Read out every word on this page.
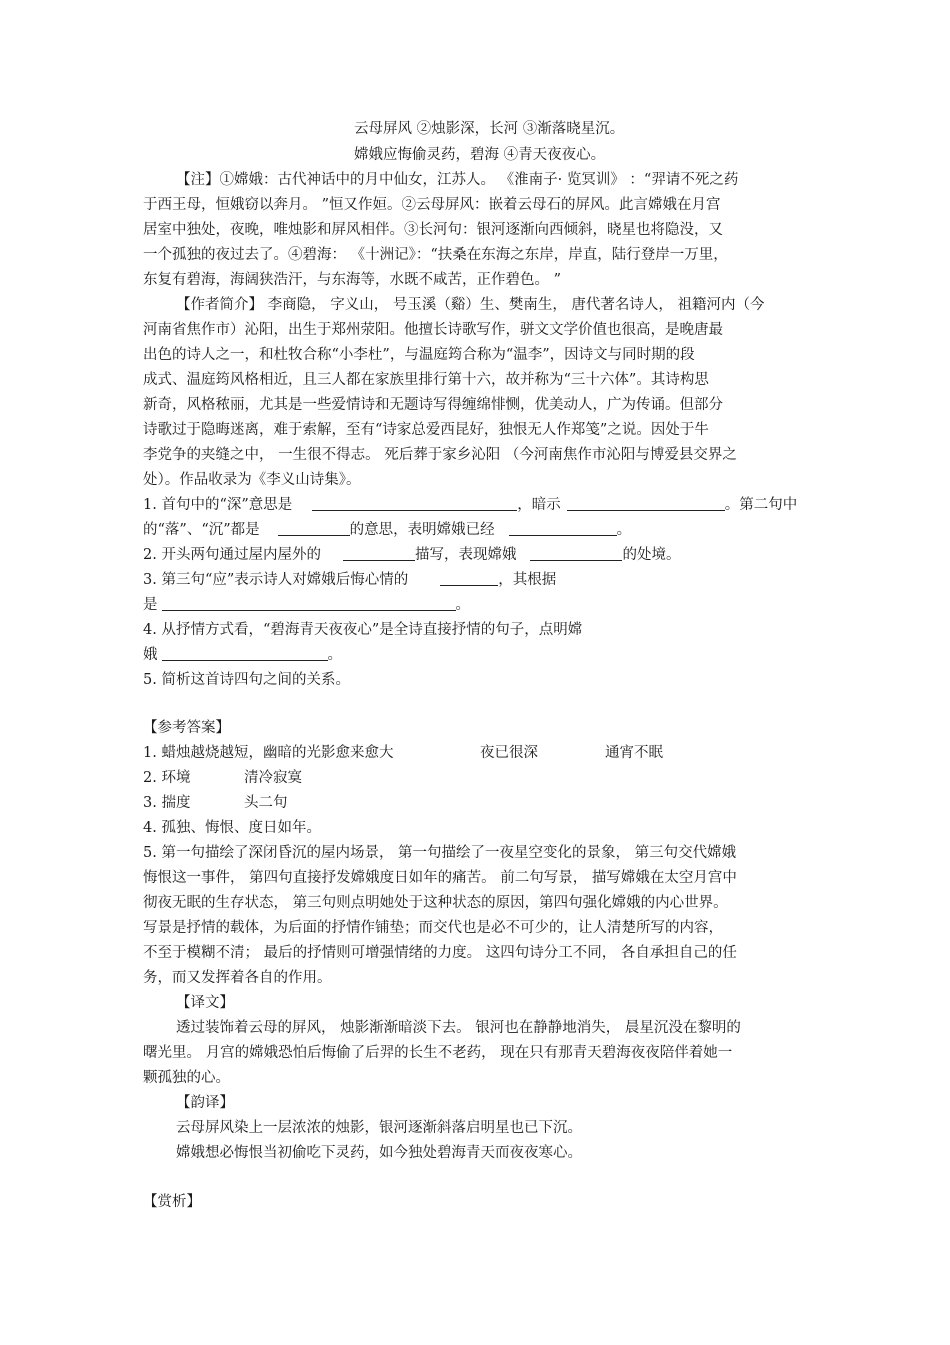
云母屏风 ②烛影深，长河 ③渐落晓星沉。
嫦娥应悔偷灵药，碧海 ④青天夜夜心。
【注】①嫦娥：古代神话中的月中仙女，江苏人。 《淮南子· 览冥训》 ：“羿请不死之药
于西王母，恒娥窃以奔月。 ”恒又作姮。②云母屏风：嵌着云母石的屏风。此言嫦娥在月宫
居室中独处，夜晚，唯烛影和屏风相伴。③长河句：银河逐渐向西倾斜，晓星也将隐没，又
一个孤独的夜过去了。④碧海： 《十洲记》：“扶桑在东海之东岸，岸直，陆行登岸一万里，
东复有碧海，海阔狭浩汗，与东海等，水既不咸苦，正作碧色。 ”
【作者简介】 李商隐， 字义山， 号玉溪（谿）生、樊南生， 唐代著名诗人， 祖籍河内（今
河南省焦作市）沁阳，出生于郑州荥阳。他擅长诗歌写作，骈文文学价值也很高，是晚唐最
出色的诗人之一，和杜牧合称“小李杜”，与温庭筠合称为“温李”，因诗文与同时期的段
成式、温庭筠风格相近，且三人都在家族里排行第十六，故并称为“三十六体”。其诗构思
新奇，风格秾丽，尤其是一些爱情诗和无题诗写得缠绵悱恻，优美动人，广为传诵。但部分
诗歌过于隐晦迷离，难于索解，至有“诗家总爱西昆好，独恨无人作郑笺”之说。因处于牛
李党争的夹缝之中， 一生很不得志。 死后葬于家乡沁阳 （今河南焦作市沁阳与博爱县交界之
处）。作品收录为《李义山诗集》。
1. 首句中的“深”意思是	，暗示	。第二句中
的“落”、“沉”都是	的意思，表明嫦娥已经	。
2. 开头两句通过屋内屋外的	描写，表现嫦娥	的处境。
3. 第三句“应”表示诗人对嫦娥后悔心情的	，其根据
是	。
4. 从抒情方式看，“碧海青天夜夜心”是全诗直接抒情的句子，点明嫦
娥	。
5. 简析这首诗四句之间的关系。
【参考答案】
1. 蜡烛越烧越短，幽暗的光影愈来愈大	夜已很深	通宵不眠
2. 环境	清冷寂寞
3. 揣度	头二句
4. 孤独、悔恨、度日如年。
5. 第一句描绘了深闭昏沉的屋内场景， 第一句描绘了一夜星空变化的景象， 第三句交代嫦娥
悔恨这一事件， 第四句直接抒发嫦娥度日如年的痛苦。 前二句写景， 描写嫦娥在太空月宫中
彻夜无眠的生存状态， 第三句则点明她处于这种状态的原因，第四句强化嫦娥的内心世界。
写景是抒情的载体，为后面的抒情作铺垫；而交代也是必不可少的，让人清楚所写的内容，
不至于模糊不清； 最后的抒情则可增强情绪的力度。 这四句诗分工不同， 各自承担自己的任
务，而又发挥着各自的作用。
【译文】
透过装饰着云母的屏风， 烛影渐渐暗淡下去。 银河也在静静地消失， 晨星沉没在黎明的
曙光里。 月宫的嫦娥恐怕后悔偷了后羿的长生不老药， 现在只有那青天碧海夜夜陪伴着她一
颗孤独的心。
【韵译】
云母屏风染上一层浓浓的烛影，银河逐渐斜落启明星也已下沉。
嫦娥想必悔恨当初偷吃下灵药，如今独处碧海青天而夜夜寒心。
【赏析】
